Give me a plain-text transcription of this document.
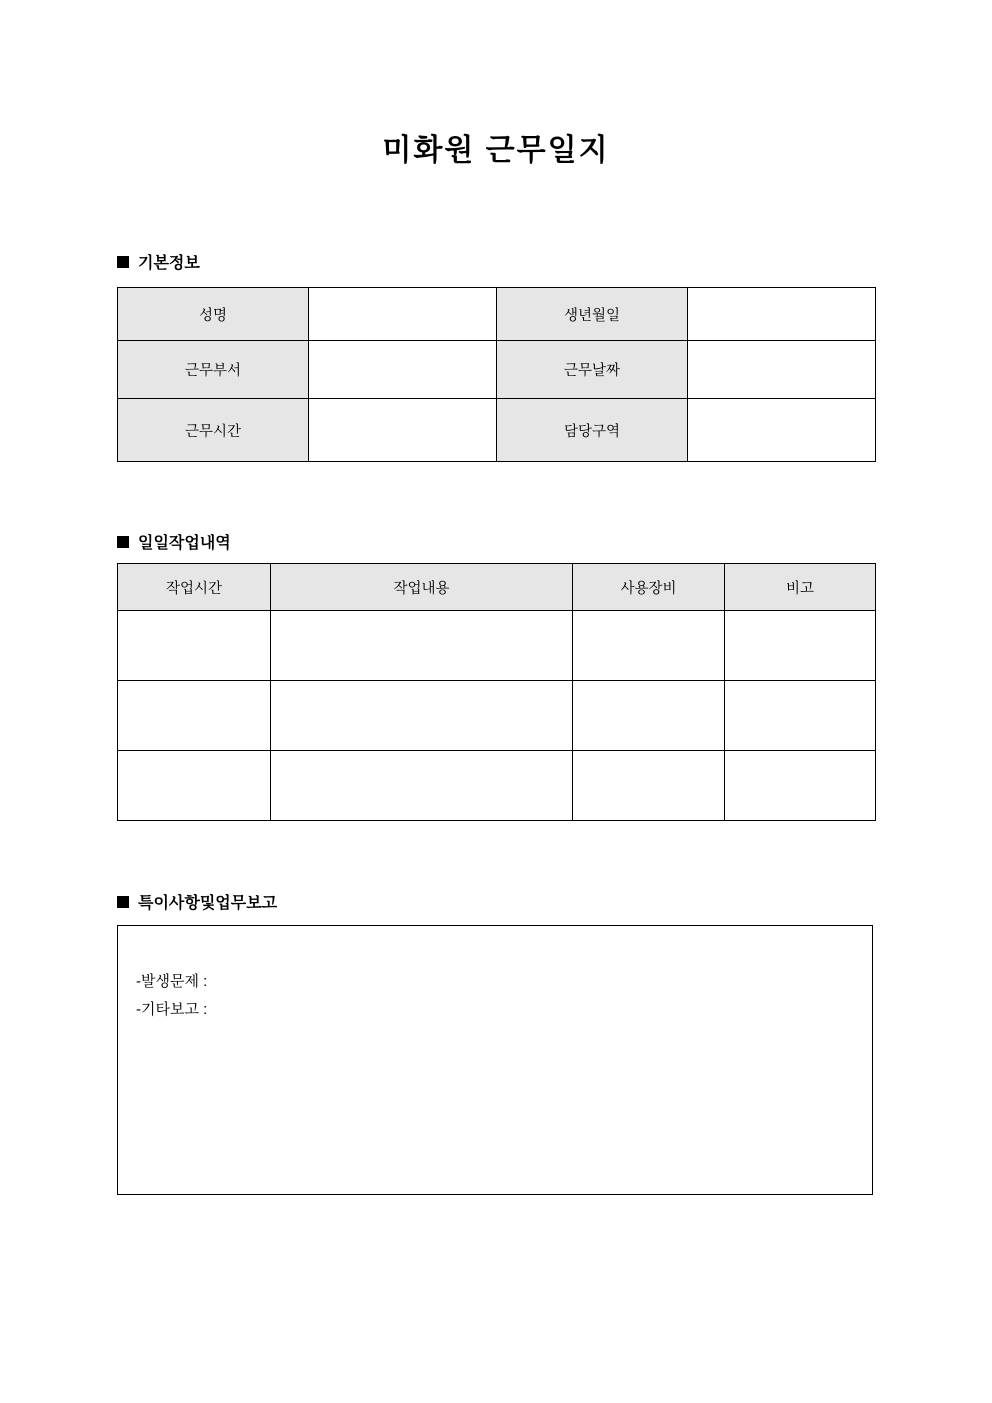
미화원 근무일지
기본정보
성명		생년월일	
근무부서		근무날짜	
근무시간		담당구역	
일일작업내역
작업시간	작업내용	사용장비	비고

특이사항및업무보고
-발생문제 :
-기타보고 :
